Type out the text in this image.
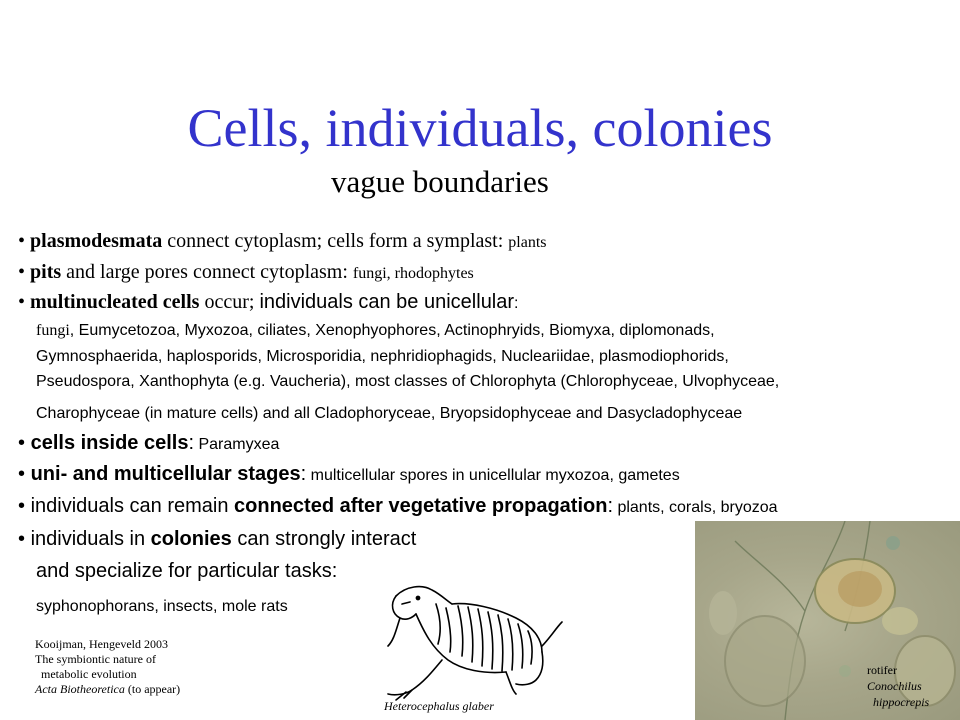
Cells, individuals, colonies
vague boundaries
• plasmodesmata connect cytoplasm; cells form a symplast: plants
• pits and large pores connect cytoplasm: fungi, rhodophytes
• multinucleated cells occur; individuals can be unicellular:
fungi, Eumycetozoa, Myxozoa, ciliates, Xenophyophores, Actinophryids, Biomyxa, diplomonads,
Gymnosphaerida, haplosporids, Microsporidia, nephridiophagids, Nucleariidae, plasmodiophorids,
Pseudospora, Xanthophyta (e.g. Vaucheria), most classes of Chlorophyta (Chlorophyceae, Ulvophyceae,
Charophyceae (in mature cells) and all Cladophoryceae, Bryopsidophyceae and Dasycladophyceae
• cells inside cells: Paramyxea
• uni- and multicellular stages: multicellular spores in unicellular myxozoa, gametes
• individuals can remain connected after vegetative propagation: plants, corals, bryozoa
• individuals in colonies can strongly interact
and specialize for particular tasks:
syphonophorans, insects, mole rats
Kooijman, Hengeveld 2003
The symbiontic nature of
metabolic evolution
Acta Biotheoretica (to appear)
Heterocephalus glaber
rotifer
Conochilus
hippocrepis
